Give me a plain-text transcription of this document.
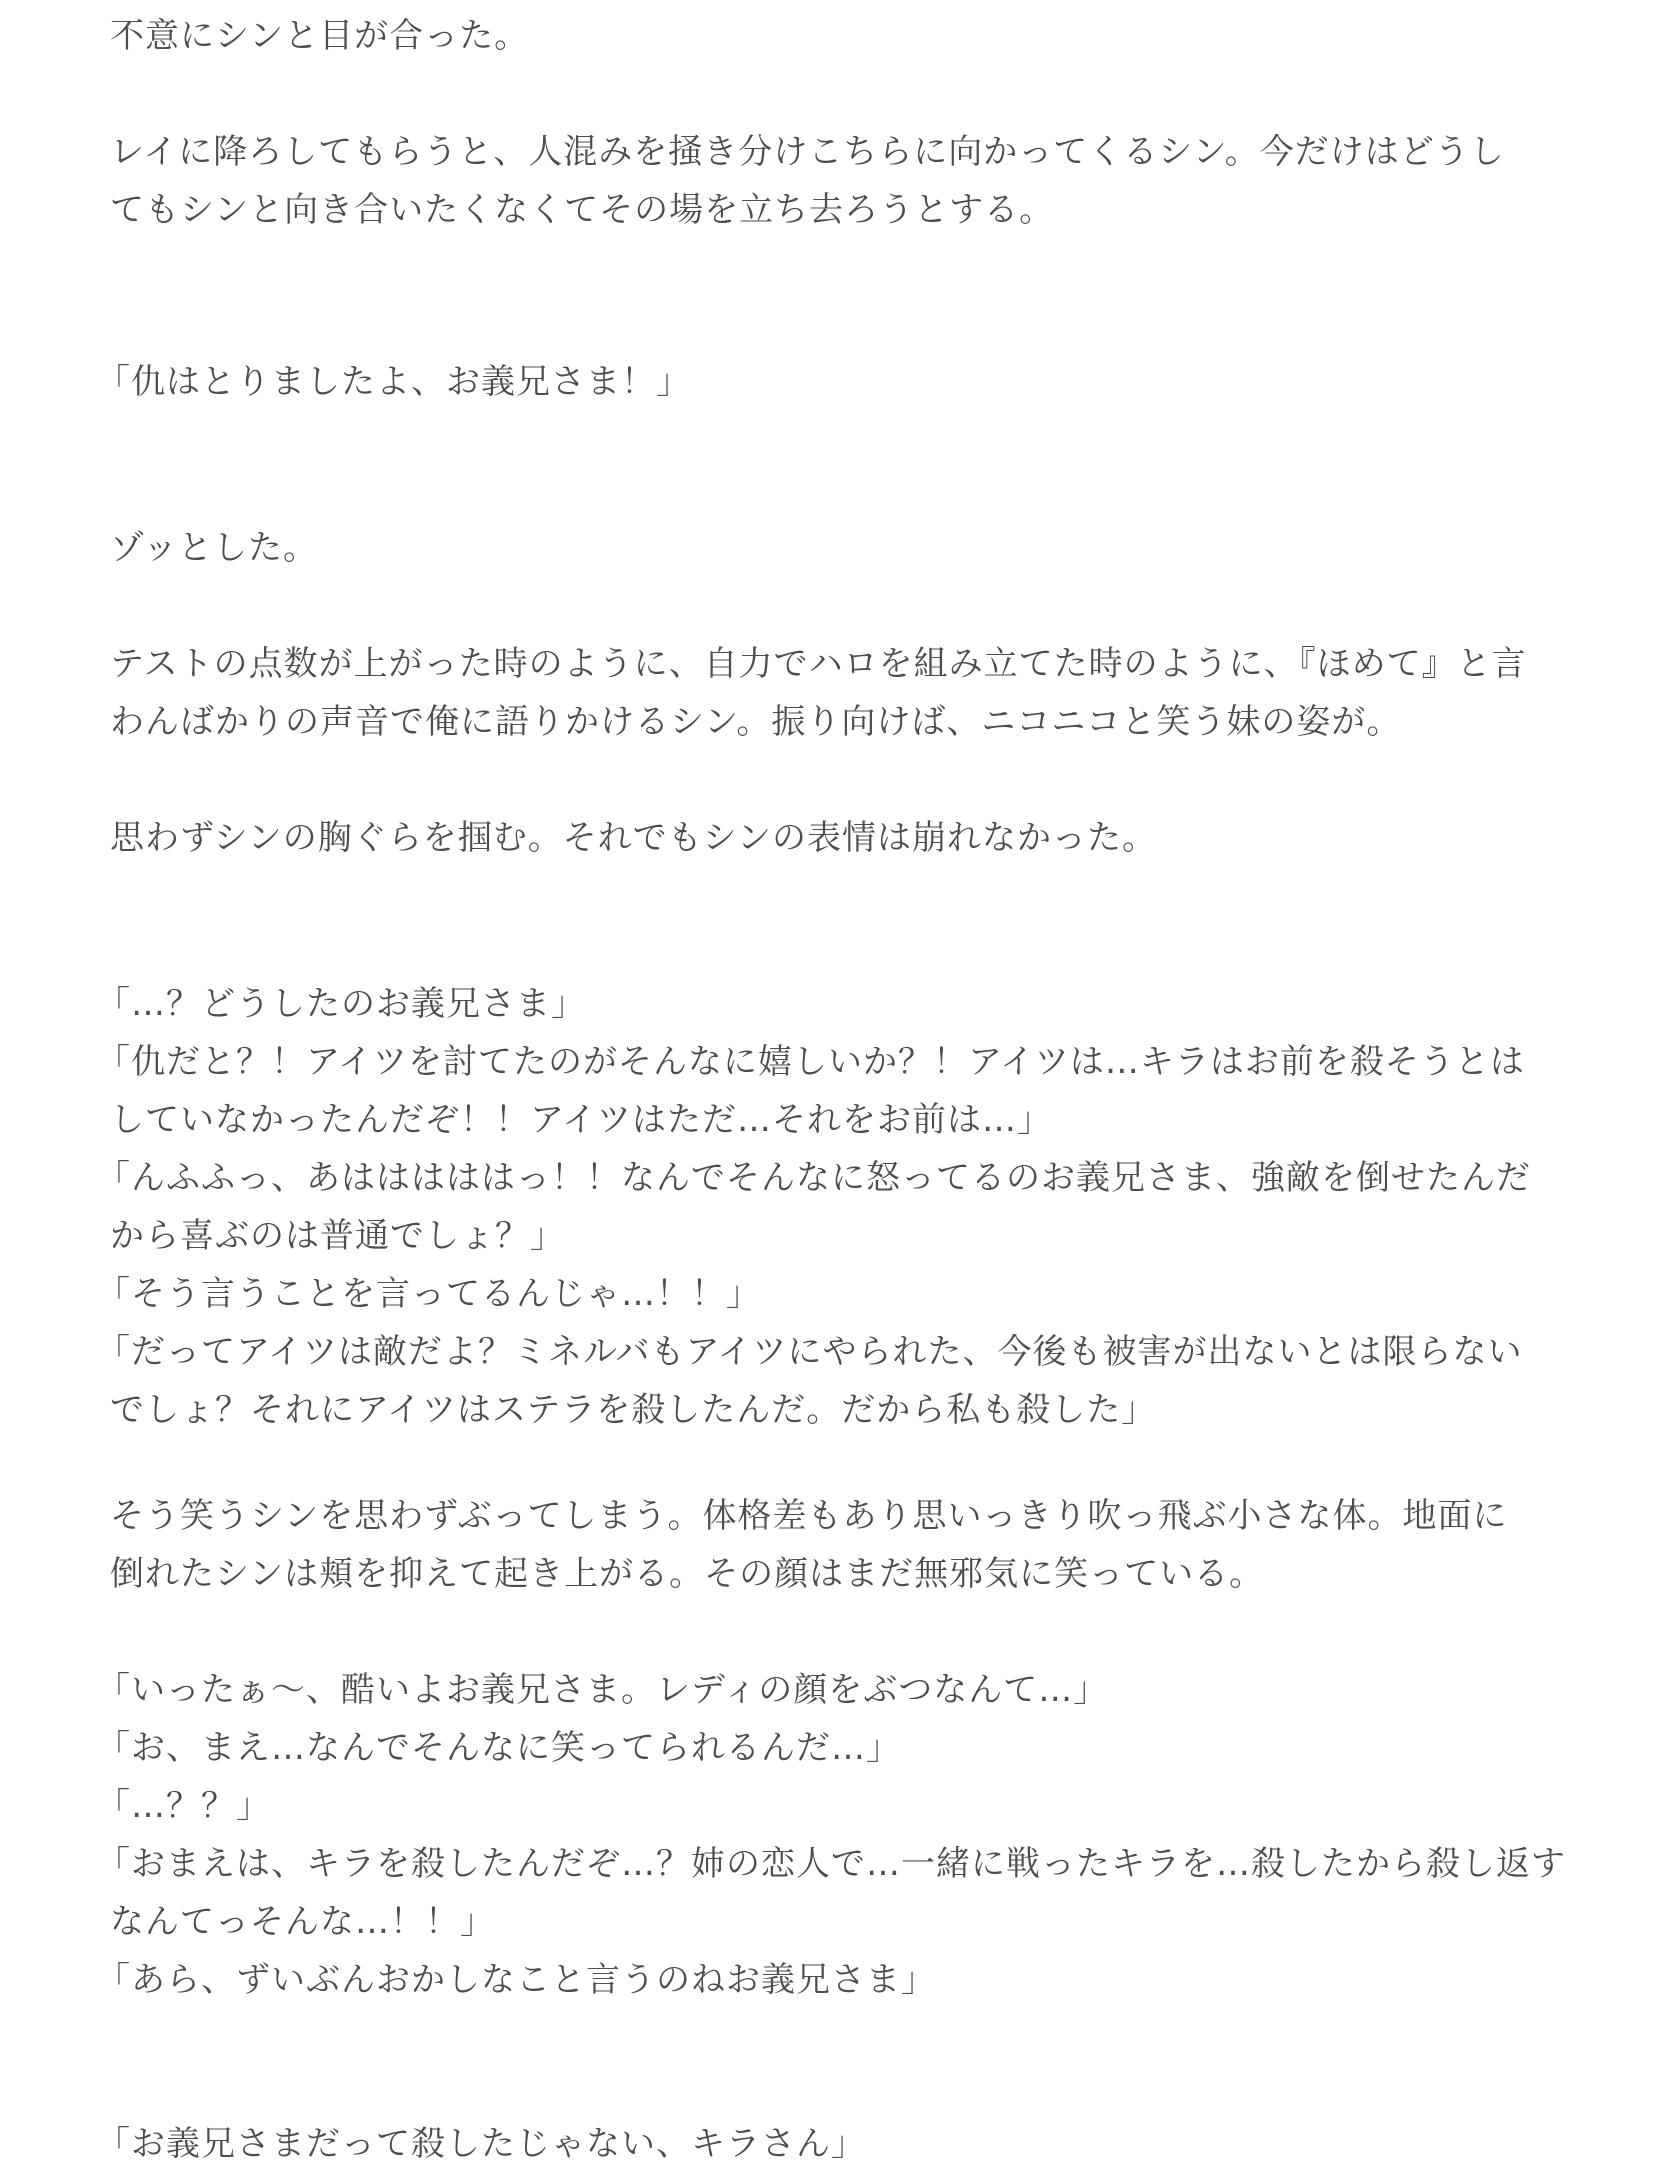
不意にシンと目が合った。

レイに降ろしてもらうと、人混みを掻き分けこちらに向かってくるシン。今だけはどうし

てもシンと向き合いたくなくてその場を立ち去ろうとする。

「仇はとりましたよ、お義兄さま！」

ゾッとした。

テストの点数が上がった時のように、自力でハロを組み立てた時のように、『ほめて』と言

わんばかりの声音で俺に語りかけるシン。振り向けば、ニコニコと笑う妹の姿が。

思わずシンの胸ぐらを掴む。それでもシンの表情は崩れなかった。

「…？どうしたのお義兄さま」

「仇だと？！アイツを討てたのがそんなに嬉しいか？！アイツは…キラはお前を殺そうとは

していなかったんだぞ！！アイツはただ…それをお前は…」

「んふふっ、あはははははっ！！なんでそんなに怒ってるのお義兄さま、強敵を倒せたんだ

から喜ぶのは普通でしょ？」

「そう言うことを言ってるんじゃ…！！」

「だってアイツは敵だよ？ミネルバもアイツにやられた、今後も被害が出ないとは限らない

でしょ？それにアイツはステラを殺したんだ。だから私も殺した」

そう笑うシンを思わずぶってしまう。体格差もあり思いっきり吹っ飛ぶ小さな体。地面に

倒れたシンは頬を抑えて起き上がる。その顔はまだ無邪気に笑っている。

「いったぁ〜、酷いよお義兄さま。レディの顔をぶつなんて…」

「お、まえ…なんでそんなに笑ってられるんだ…」

「…？？」

「おまえは、キラを殺したんだぞ…？姉の恋人で…一緒に戦ったキラを…殺したから殺し返す

なんてっそんな…！！」

「あら、ずいぶんおかしなこと言うのねお義兄さま」

「お義兄さまだって殺したじゃない、キラさん」
